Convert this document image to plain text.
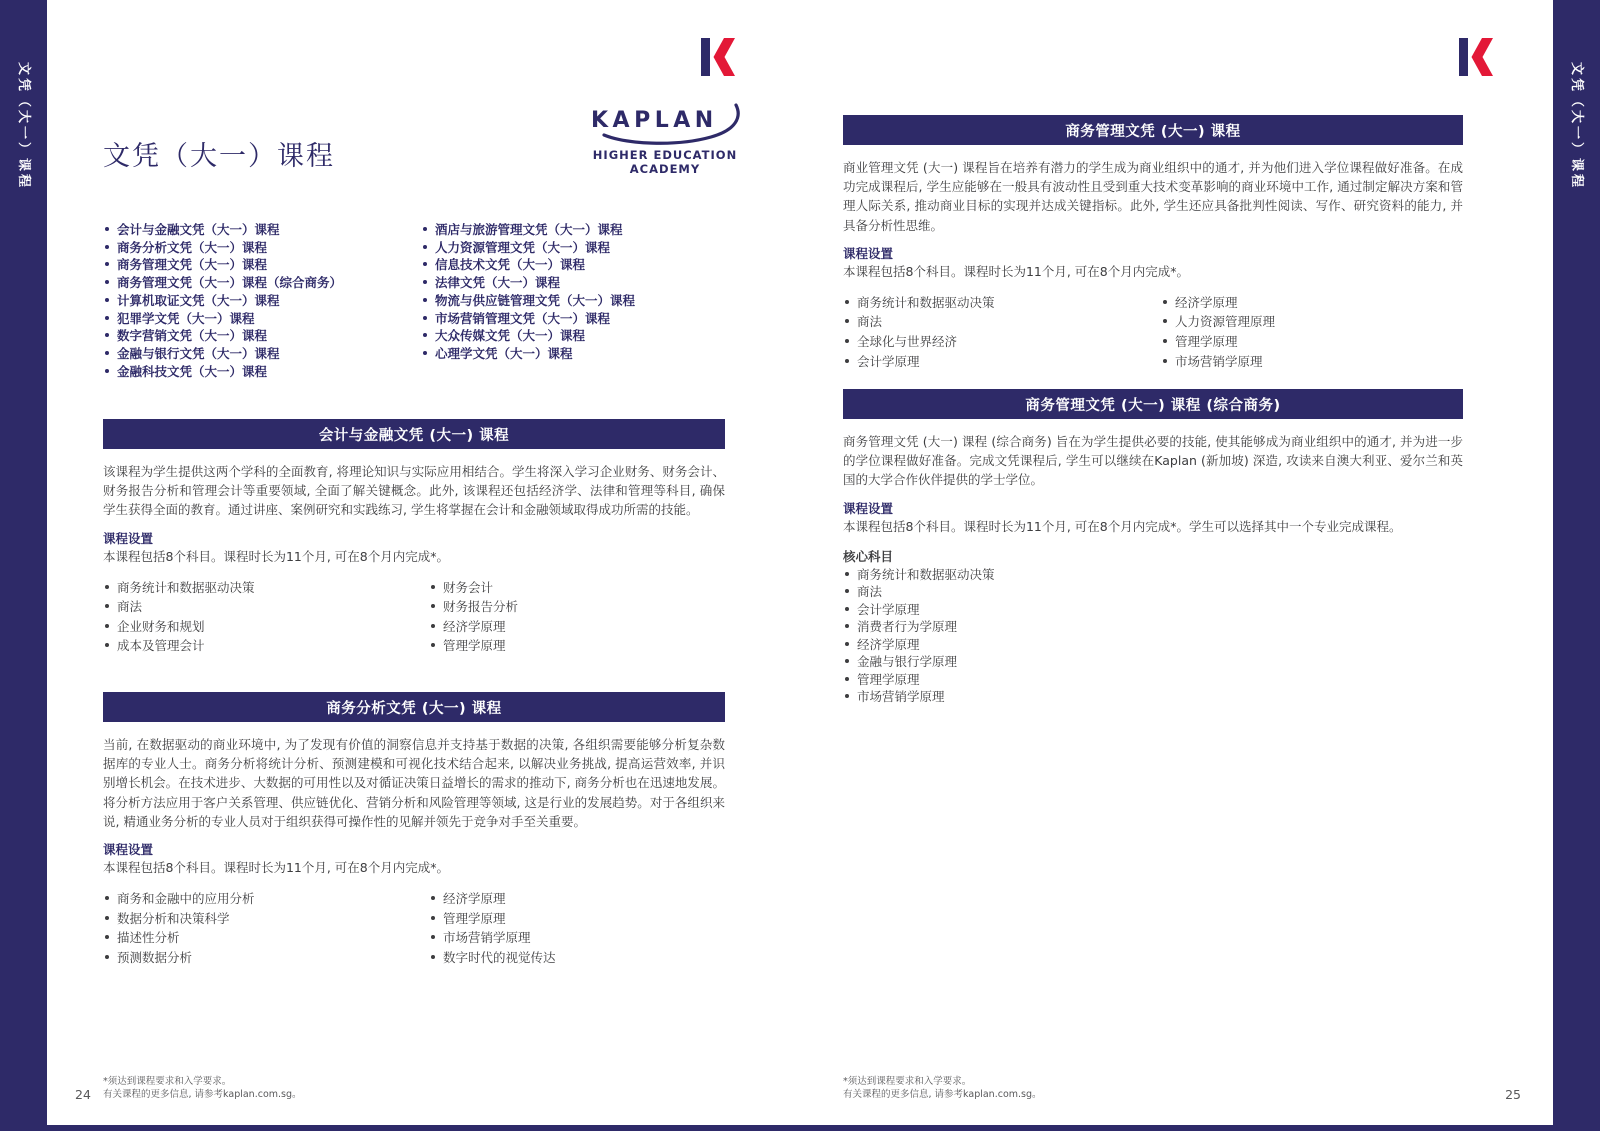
文凭（大一）课程	文凭（大一）课程
文凭（大一）课程
KAPLAN
HIGHER EDUCATION
ACADEMY
会计与金融文凭（大一）课程
商务分析文凭（大一）课程
商务管理文凭（大一）课程
商务管理文凭（大一）课程（综合商务）
计算机取证文凭（大一）课程
犯罪学文凭（大一）课程
数字营销文凭（大一）课程
金融与银行文凭（大一）课程
金融科技文凭（大一）课程
酒店与旅游管理文凭（大一）课程
人力资源管理文凭（大一）课程
信息技术文凭（大一）课程
法律文凭（大一）课程
物流与供应链管理文凭（大一）课程
市场营销管理文凭（大一）课程
大众传媒文凭（大一）课程
心理学文凭（大一）课程
会计与金融文凭 (大一) 课程
该课程为学生提供这两个学科的全面教育, 将理论知识与实际应用相结合。学生将深入学习企业财务、财务会计、财务报告分析和管理会计等重要领域, 全面了解关键概念。此外, 该课程还包括经济学、法律和管理等科目, 确保学生获得全面的教育。通过讲座、案例研究和实践练习, 学生将掌握在会计和金融领域取得成功所需的技能。
课程设置
本课程包括8个科目。课程时长为11个月, 可在8个月内完成*。
商务统计和数据驱动决策
商法
企业财务和规划
成本及管理会计
财务会计
财务报告分析
经济学原理
管理学原理
商务分析文凭 (大一) 课程
当前, 在数据驱动的商业环境中, 为了发现有价值的洞察信息并支持基于数据的决策, 各组织需要能够分析复杂数据库的专业人士。商务分析将统计分析、预测建模和可视化技术结合起来, 以解决业务挑战, 提高运营效率, 并识别增长机会。在技术进步、大数据的可用性以及对循证决策日益增长的需求的推动下, 商务分析也在迅速地发展。将分析方法应用于客户关系管理、供应链优化、营销分析和风险管理等领域, 这是行业的发展趋势。对于各组织来说, 精通业务分析的专业人员对于组织获得可操作性的见解并领先于竞争对手至关重要。
课程设置
本课程包括8个科目。课程时长为11个月, 可在8个月内完成*。
商务和金融中的应用分析
数据分析和决策科学
描述性分析
预测数据分析
经济学原理
管理学原理
市场营销学原理
数字时代的视觉传达
24
*须达到课程要求和入学要求。
有关课程的更多信息, 请参考kaplan.com.sg。
商务管理文凭 (大一) 课程
商业管理文凭 (大一) 课程旨在培养有潜力的学生成为商业组织中的通才, 并为他们进入学位课程做好准备。在成功完成课程后, 学生应能够在一般具有波动性且受到重大技术变革影响的商业环境中工作, 通过制定解决方案和管理人际关系, 推动商业目标的实现并达成关键指标。此外, 学生还应具备批判性阅读、写作、研究资料的能力, 并具备分析性思维。
课程设置
本课程包括8个科目。课程时长为11个月, 可在8个月内完成*。
商务统计和数据驱动决策
商法
全球化与世界经济
会计学原理
经济学原理
人力资源管理原理
管理学原理
市场营销学原理
商务管理文凭 (大一) 课程 (综合商务)
商务管理文凭 (大一) 课程 (综合商务) 旨在为学生提供必要的技能, 使其能够成为商业组织中的通才, 并为进一步的学位课程做好准备。完成文凭课程后, 学生可以继续在Kaplan (新加坡) 深造, 攻读来自澳大利亚、爱尔兰和英国的大学合作伙伴提供的学士学位。
课程设置
本课程包括8个科目。课程时长为11个月, 可在8个月内完成*。学生可以选择其中一个专业完成课程。
核心科目
商务统计和数据驱动决策
商法
会计学原理
消费者行为学原理
经济学原理
金融与银行学原理
管理学原理
市场营销学原理
25
*须达到课程要求和入学要求。
有关课程的更多信息, 请参考kaplan.com.sg。
